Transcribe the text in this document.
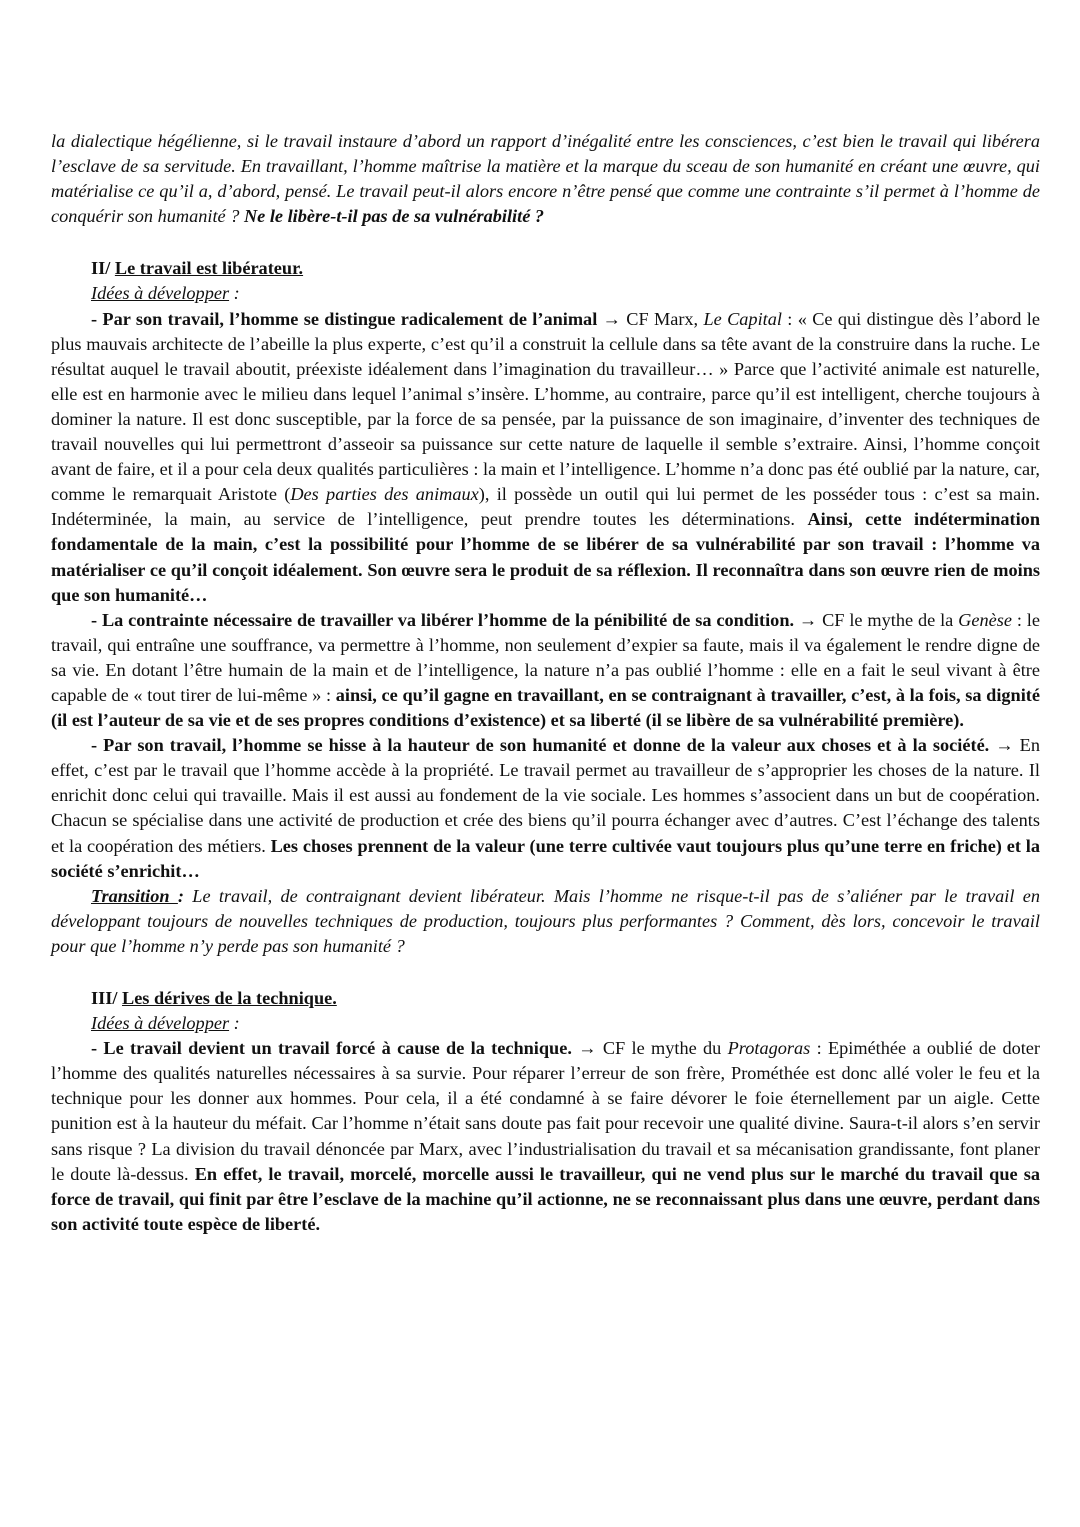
la dialectique hégélienne, si le travail instaure d’abord un rapport d’inégalité entre les consciences, c’est bien le travail qui libérera l’esclave de sa servitude. En travaillant, l’homme maîtrise la matière et la marque du sceau de son humanité en créant une œuvre, qui matérialise ce qu’il a, d’abord, pensé. Le travail peut-il alors encore n’être pensé que comme une contrainte s’il permet à l’homme de conquérir son humanité ? Ne le libère-t-il pas de sa vulnérabilité ?

II/ Le travail est libérateur.
Idées à développer :

- Par son travail, l’homme se distingue radicalement de l’animal → CF Marx, Le Capital : « Ce qui distingue dès l’abord le plus mauvais architecte de l’abeille la plus experte, c’est qu’il a construit la cellule dans sa tête avant de la construire dans la ruche. Le résultat auquel le travail aboutit, préexiste idéalement dans l’imagination du travailleur… » Parce que l’activité animale est naturelle, elle est en harmonie avec le milieu dans lequel l’animal s’insère. L’homme, au contraire, parce qu’il est intelligent, cherche toujours à dominer la nature. Il est donc susceptible, par la force de sa pensée, par la puissance de son imaginaire, d’inventer des techniques de travail nouvelles qui lui permettront d’asseoir sa puissance sur cette nature de laquelle il semble s’extraire. Ainsi, l’homme conçoit avant de faire, et il a pour cela deux qualités particulières : la main et l’intelligence. L’homme n’a donc pas été oublié par la nature, car, comme le remarquait Aristote (Des parties des animaux), il possède un outil qui lui permet de les posséder tous : c’est sa main. Indéterminée, la main, au service de l’intelligence, peut prendre toutes les déterminations. Ainsi, cette indétermination fondamentale de la main, c’est la possibilité pour l’homme de se libérer de sa vulnérabilité par son travail : l’homme va matérialiser ce qu’il conçoit idéalement. Son œuvre sera le produit de sa réflexion. Il reconnaîtra dans son œuvre rien de moins que son humanité…

- La contrainte nécessaire de travailler va libérer l’homme de la pénibilité de sa condition. → CF le mythe de la Genèse : le travail, qui entraîne une souffrance, va permettre à l’homme, non seulement d’expier sa faute, mais il va également le rendre digne de sa vie. En dotant l’être humain de la main et de l’intelligence, la nature n’a pas oublié l’homme : elle en a fait le seul vivant à être capable de « tout tirer de lui-même » : ainsi, ce qu’il gagne en travaillant, en se contraignant à travailler, c’est, à la fois, sa dignité (il est l’auteur de sa vie et de ses propres conditions d’existence) et sa liberté (il se libère de sa vulnérabilité première).

- Par son travail, l’homme se hisse à la hauteur de son humanité et donne de la valeur aux choses et à la société. → En effet, c’est par le travail que l’homme accède à la propriété. Le travail permet au travailleur de s’approprier les choses de la nature. Il enrichit donc celui qui travaille. Mais il est aussi au fondement de la vie sociale. Les hommes s’associent dans un but de coopération. Chacun se spécialise dans une activité de production et crée des biens qu’il pourra échanger avec d’autres. C’est l’échange des talents et la coopération des métiers. Les choses prennent de la valeur (une terre cultivée vaut toujours plus qu’une terre en friche) et la société s’enrichit…

Transition : Le travail, de contraignant devient libérateur. Mais l’homme ne risque-t-il pas de s’aliéner par le travail en développant toujours de nouvelles techniques de production, toujours plus performantes ? Comment, dès lors, concevoir le travail pour que l’homme n’y perde pas son humanité ?

III/ Les dérives de la technique.
Idées à développer :

- Le travail devient un travail forcé à cause de la technique. → CF le mythe du Protagoras : Epiméthée a oublié de doter l’homme des qualités naturelles nécessaires à sa survie. Pour réparer l’erreur de son frère, Prométhée est donc allé voler le feu et la technique pour les donner aux hommes. Pour cela, il a été condamné à se faire dévorer le foie éternellement par un aigle. Cette punition est à la hauteur du méfait. Car l’homme n’était sans doute pas fait pour recevoir une qualité divine. Saura-t-il alors s’en servir sans risque ? La division du travail dénoncée par Marx, avec l’industrialisation du travail et sa mécanisation grandissante, font planer le doute là-dessus. En effet, le travail, morcelé, morcelle aussi le travailleur, qui ne vend plus sur le marché du travail que sa force de travail, qui finit par être l’esclave de la machine qu’il actionne, ne se reconnaissant plus dans une œuvre, perdant dans son activité toute espèce de liberté.
